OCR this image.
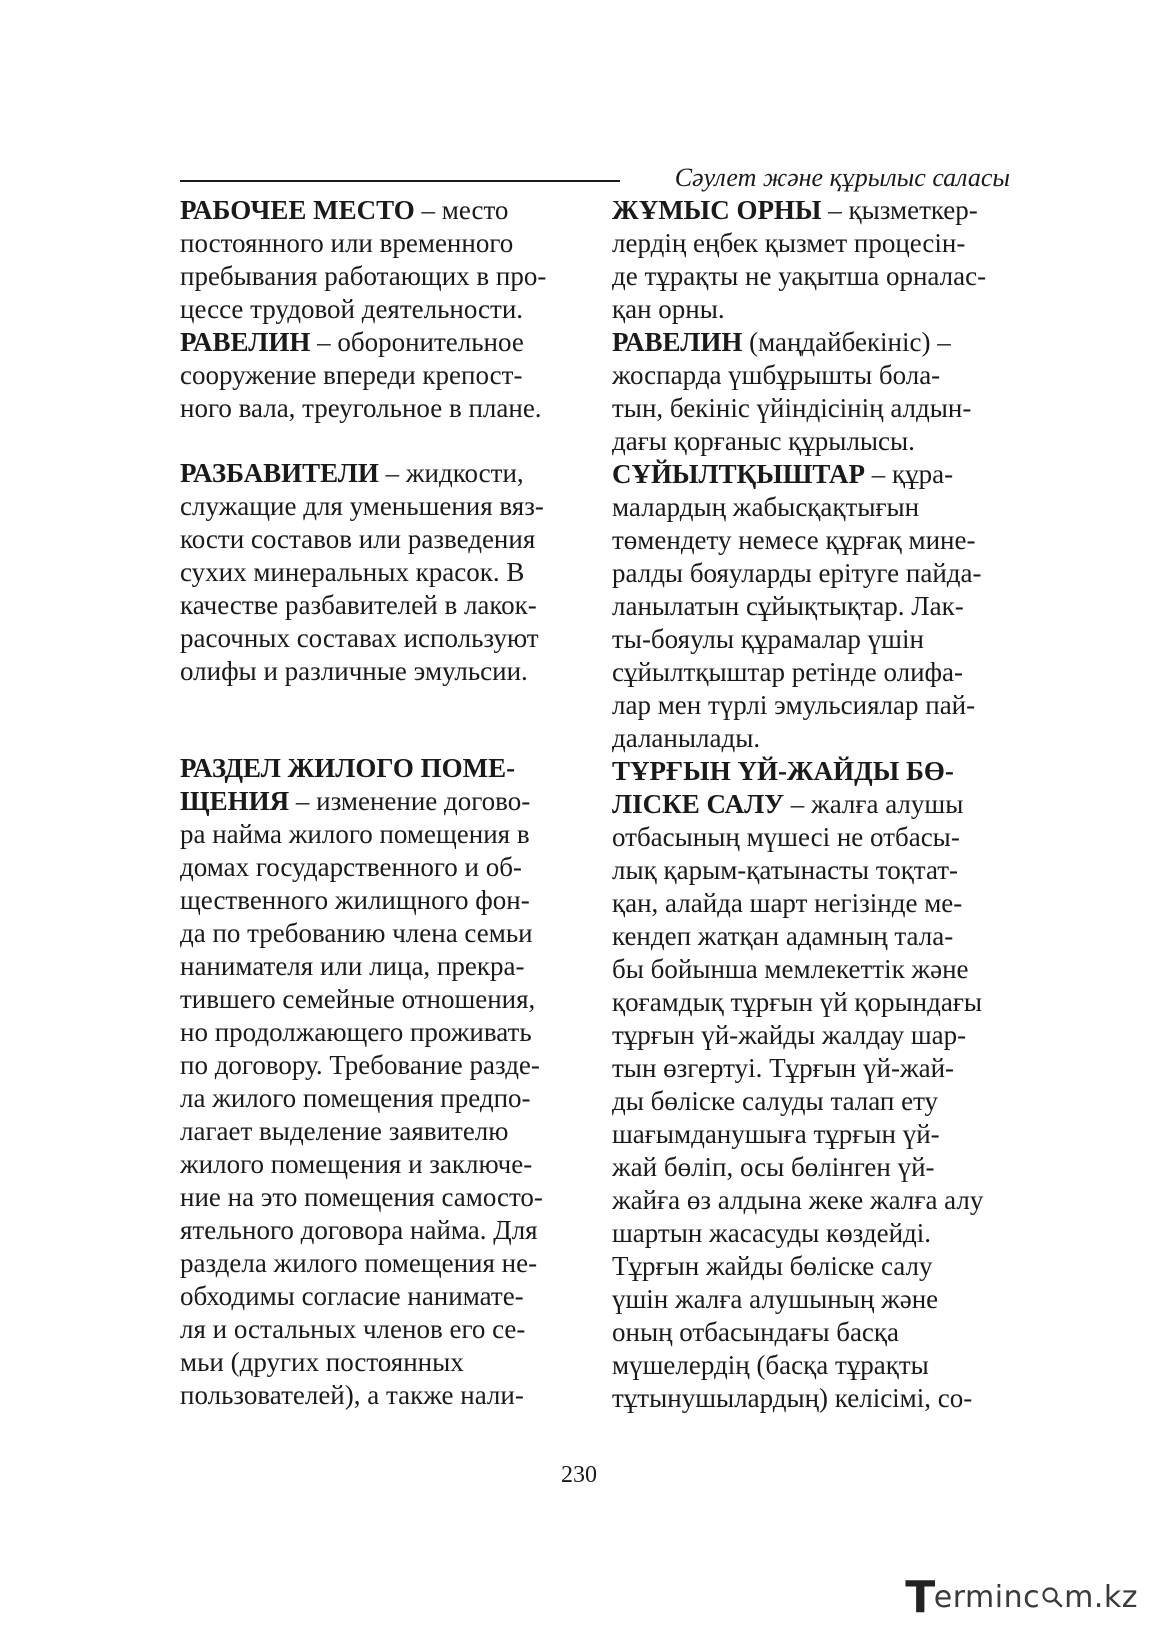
Сәулет және құрылыс саласы

РАБОЧЕЕ МЕСТО – место

постоянного или временного

пребывания работающих в про-

цессе трудовой деятельности.

РАВЕЛИН – оборонительное

сооружение впереди крепост-

ного вала, треугольное в плане.

РАЗБАВИТЕЛИ – жидкости,

служащие для уменьшения вяз-

кости составов или разведения

сухих минеральных красок. В

качестве разбавителей в лакок-

расочных составах используют

олифы и различные эмульсии.

РАЗДЕЛ ЖИЛОГО ПОМЕ-

ЩЕНИЯ – изменение догово-

ра найма жилого помещения в

домах государственного и об-

щественного жилищного фон-

да по требованию члена семьи

нанимателя или лица, прекра-

тившего семейные отношения,

но продолжающего проживать

по договору. Требование разде-

ла жилого помещения предпо-

лагает выделение заявителю

жилого помещения и заключе-

ние на это помещения самосто-

ятельного договора найма. Для

раздела жилого помещения не-

обходимы согласие нанимате-

ля и остальных членов его се-

мьи (других постоянных

пользователей), а также нали-

ЖҰМЫС ОРНЫ – қызметкер-

лердің еңбек қызмет процесін-

де тұрақты не уақытша орналас-

қан орны.

РАВЕЛИН (маңдайбекініс) –

жоспарда үшбұрышты бола-

тын, бекініс үйіндісінің алдын-

дағы қорғаныс құрылысы.

СҰЙЫЛТҚЫШТАР – құра-

малардың жабысқақтығын

төмендету немесе құрғақ мине-

ралды бояуларды ерітуге пайда-

ланылатын сұйықтықтар. Лак-

ты-бояулы құрамалар үшін

сұйылтқыштар ретінде олифа-

лар мен түрлі эмульсиялар пай-

даланылады.

ТҰРҒЫН ҮЙ-ЖАЙДЫ БӨ-

ЛІСКЕ САЛУ – жалға алушы

отбасының мүшесі не отбасы-

лық қарым-қатынасты тоқтат-

қан, алайда шарт негізінде ме-

кендеп жатқан адамның тала-

бы бойынша мемлекеттік және

қоғамдық тұрғын үй қорындағы

тұрғын үй-жайды жалдау шар-

тын өзгертуі. Тұрғын үй-жай-

ды бөліске салуды талап ету

шағымданушыға тұрғын үй-

жай бөліп, осы бөлінген үй-

жайға өз алдына жеке жалға алу

шартын жасасуды көздейді.

Тұрғын жайды бөліске салу

үшін жалға алушының және

оның отбасындағы басқа

мүшелердің (басқа тұрақты

тұтынушылардың) келісімі, со-

230
T
erminc m.kz
